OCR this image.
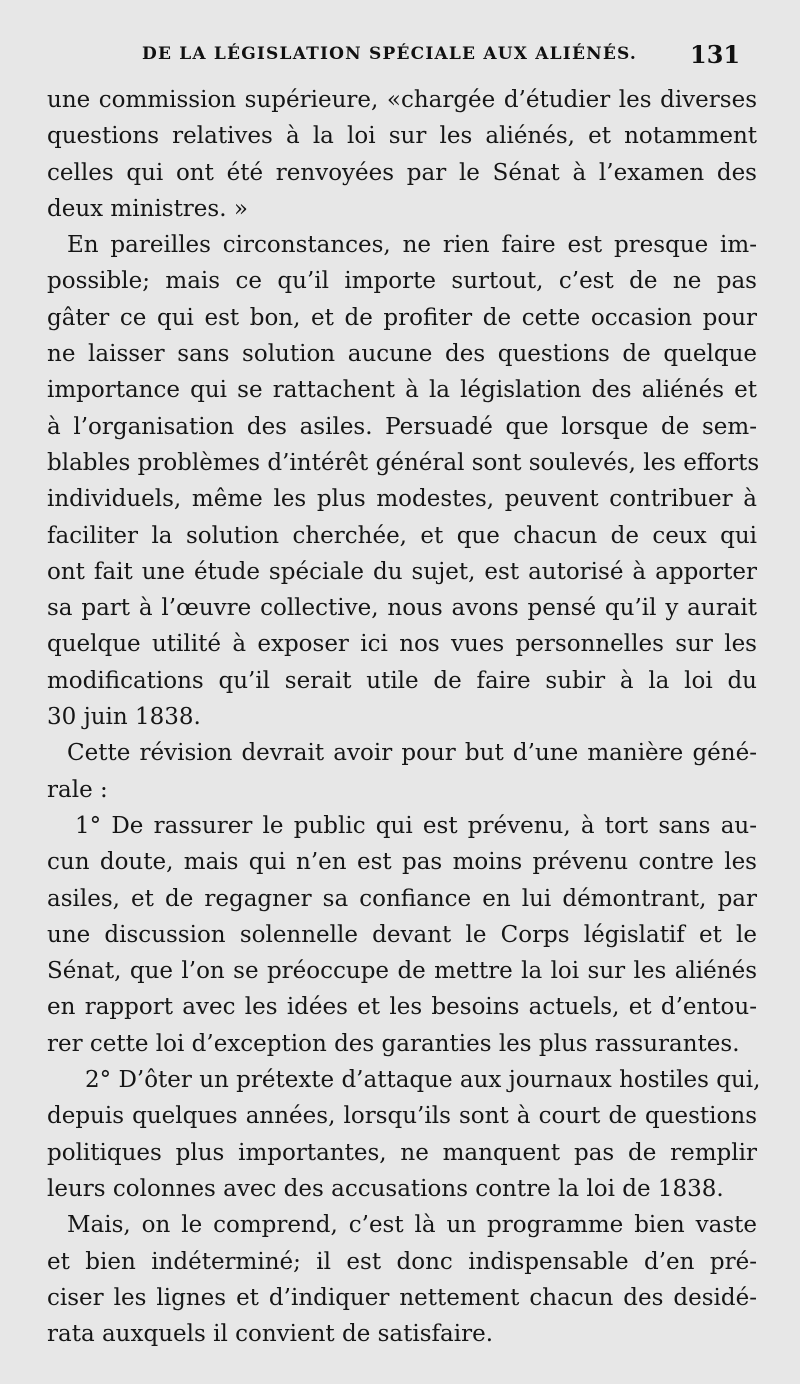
DE LA LÉGISLATION SPÉCIALE AUX ALIÉNÉS. 131

une commission supérieure, «chargée d’étudier les diverses
questions relatives à la loi sur les aliénés, et notamment
celles qui ont été renvoyées par le Sénat à l’examen des
deux ministres. »

En pareilles circonstances, ne rien faire est presque im-
possible; mais ce qu’il importe surtout, c’est de ne pas
gâter ce qui est bon, et de profiter de cette occasion pour
ne laisser sans solution aucune des questions de quelque
importance qui se rattachent à la législation des aliénés et
à l’organisation des asiles. Persuadé que lorsque de sem-
blables problèmes d’intérêt général sont soulevés, les efforts
individuels, même les plus modestes, peuvent contribuer à
faciliter la solution cherchée, et que chacun de ceux qui
ont fait une étude spéciale du sujet, est autorisé à apporter
sa part à l’œuvre collective, nous avons pensé qu’il y aurait
quelque utilité à exposer ici nos vues personnelles sur les
modifications qu’il serait utile de faire subir à la loi du
30 juin 1838.

Cette révision devrait avoir pour but d’une manière géné-
rale :

1° De rassurer le public qui est prévenu, à tort sans au-
cun doute, mais qui n’en est pas moins prévenu contre les
asiles, et de regagner sa confiance en lui démontrant, par
une discussion solennelle devant le Corps législatif et le
Sénat, que l’on se préoccupe de mettre la loi sur les aliénés
en rapport avec les idées et les besoins actuels, et d’entou-
rer cette loi d’exception des garanties les plus rassurantes.

2° D’ôter un prétexte d’attaque aux journaux hostiles qui,
depuis quelques années, lorsqu’ils sont à court de questions
politiques plus importantes, ne manquent pas de remplir
leurs colonnes avec des accusations contre la loi de 1838.

Mais, on le comprend, c’est là un programme bien vaste
et bien indéterminé; il est donc indispensable d’en pré-
ciser les lignes et d’indiquer nettement chacun des desidé-
rata auxquels il convient de satisfaire.
